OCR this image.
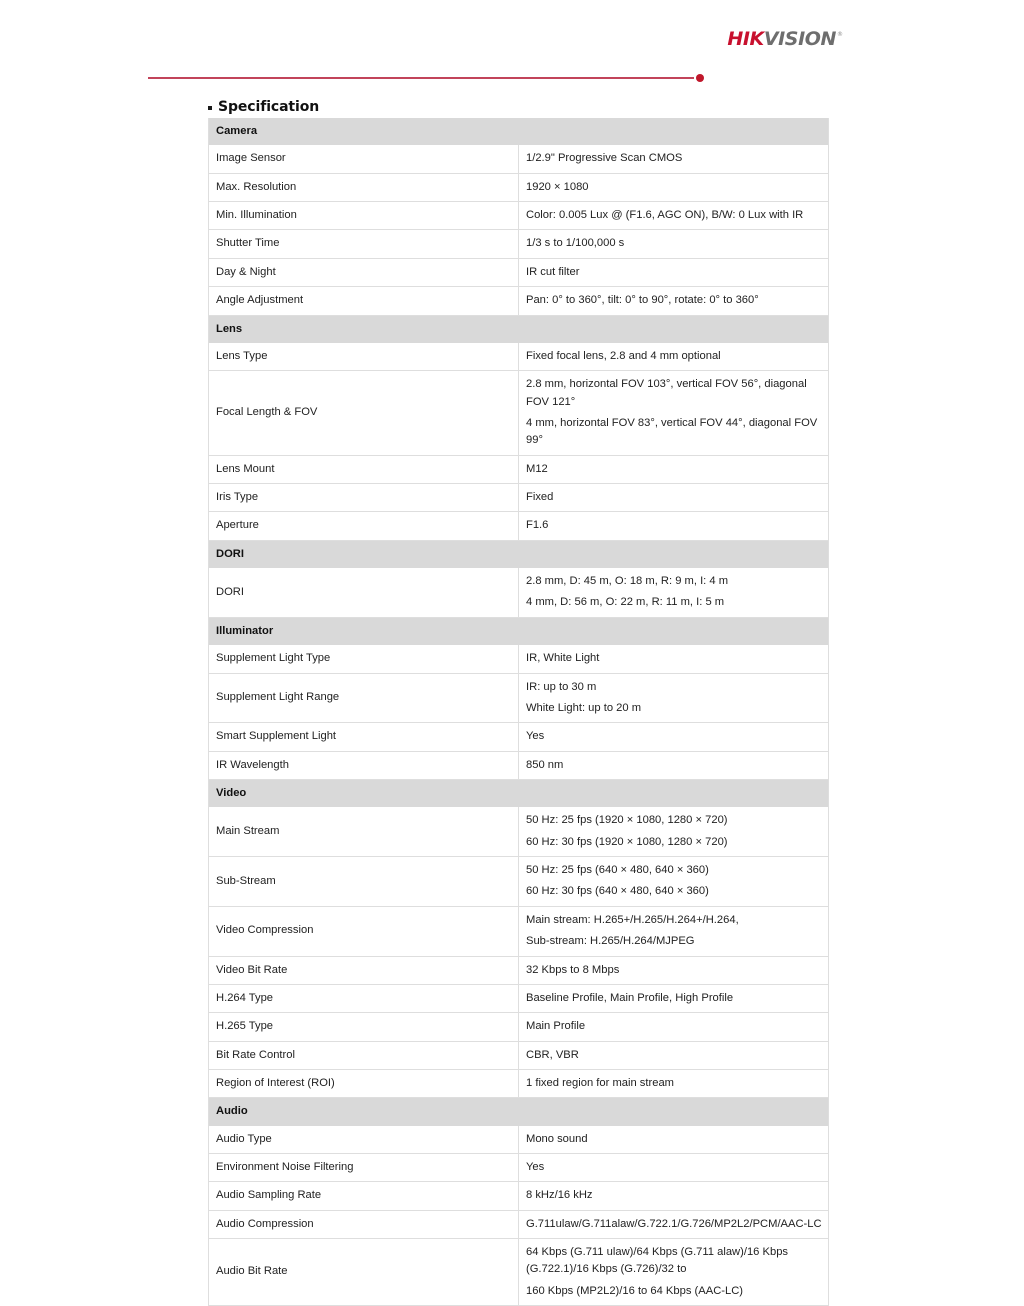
HIK VISION ®
Specification
Camera	
Image Sensor	1/2.9" Progressive Scan CMOS

Max. Resolution	1920 × 1080

Min. Illumination	Color: 0.005 Lux @ (F1.6, AGC ON), B/W: 0 Lux with IR

Shutter Time	1/3 s to 1/100,000 s

Day & Night	IR cut filter

Angle Adjustment	Pan: 0° to 360°, tilt: 0° to 90°, rotate: 0° to 360°

Lens	
Lens Type	Fixed focal lens, 2.8 and 4 mm optional

Focal Length & FOV	2.8 mm, horizontal FOV 103°, vertical FOV 56°, diagonal FOV 121°
4 mm, horizontal FOV 83°, vertical FOV 44°, diagonal FOV 99°

Lens Mount	M12

Iris Type	Fixed

Aperture	F1.6

DORI	
DORI	2.8 mm, D: 45 m, O: 18 m, R: 9 m, I: 4 m
4 mm, D: 56 m, O: 22 m, R: 11 m, I: 5 m

Illuminator	
Supplement Light Type	IR, White Light

Supplement Light Range	IR: up to 30 m
White Light: up to 20 m

Smart Supplement Light	Yes

IR Wavelength	850 nm

Video	
Main Stream	50 Hz: 25 fps (1920 × 1080, 1280 × 720)
60 Hz: 30 fps (1920 × 1080, 1280 × 720)

Sub-Stream	50 Hz: 25 fps (640 × 480, 640 × 360)
60 Hz: 30 fps (640 × 480, 640 × 360)

Video Compression	Main stream: H.265+/H.265/H.264+/H.264,
Sub-stream: H.265/H.264/MJPEG

Video Bit Rate	32 Kbps to 8 Mbps

H.264 Type	Baseline Profile, Main Profile, High Profile

H.265 Type	Main Profile

Bit Rate Control	CBR, VBR

Region of Interest (ROI)	1 fixed region for main stream

Audio	
Audio Type	Mono sound

Environment Noise Filtering	Yes

Audio Sampling Rate	8 kHz/16 kHz

Audio Compression	G.711ulaw/G.711alaw/G.722.1/G.726/MP2L2/PCM/AAC-LC

Audio Bit Rate	64 Kbps (G.711 ulaw)/64 Kbps (G.711 alaw)/16 Kbps (G.722.1)/16 Kbps (G.726)/32 to
160 Kbps (MP2L2)/16 to 64 Kbps (AAC-LC)
